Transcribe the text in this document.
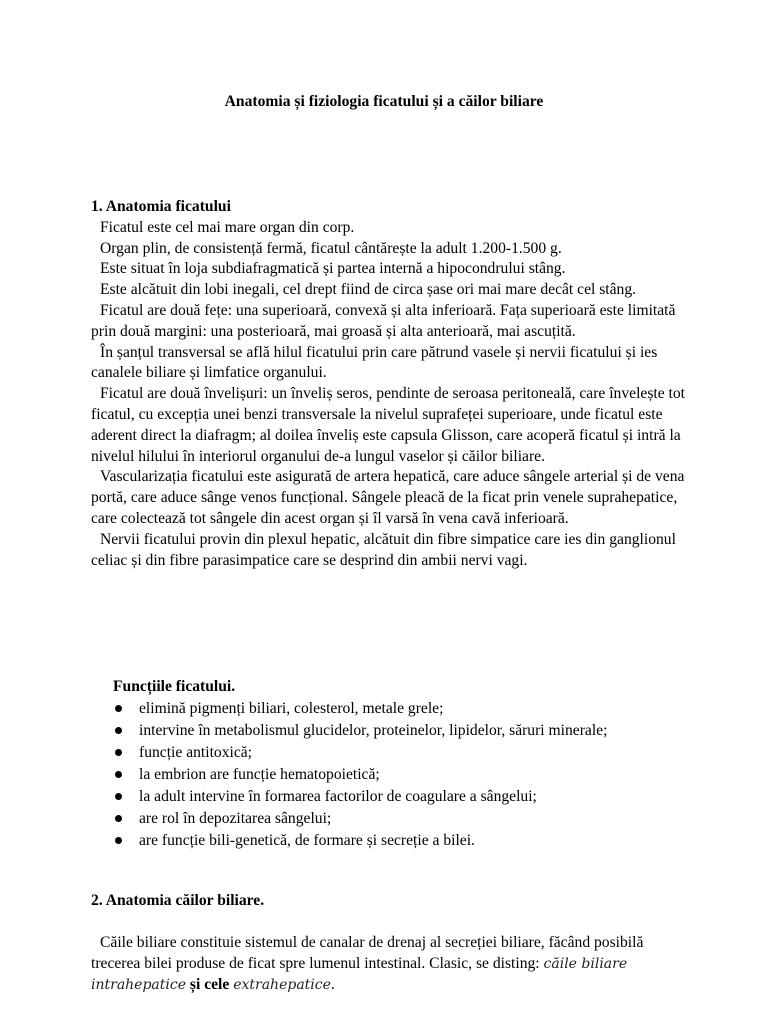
Anatomia și fiziologia ficatului și a căilor biliare
1. Anatomia ficatului
Ficatul este cel mai mare organ din corp.
Organ plin, de consistență fermă, ficatul cântărește la adult 1.200-1.500 g.
Este situat în loja subdiafragmatică și partea internă a hipocondrului stâng.
Este alcătuit din lobi inegali, cel drept fiind de circa șase ori mai mare decât cel stâng.
Ficatul are două fețe: una superioară, convexă și alta inferioară. Fața superioară este limitată prin două margini: una posterioară, mai groasă și alta anterioară, mai ascuțită.
În șanțul transversal se află hilul ficatului prin care pătrund vasele și nervii ficatului și ies canalele biliare și limfatice organului.
Ficatul are două învelișuri: un înveliș seros, pendinte de seroasa peritoneală, care învelește tot ficatul, cu excepția unei benzi transversale la nivelul suprafeței superioare, unde ficatul este aderent direct la diafragm; al doilea înveliș este capsula Glisson, care acoperă ficatul și intră la nivelul hilului în interiorul organului de-a lungul vaselor și căilor biliare.
Vascularizația ficatului este asigurată de artera hepatică, care aduce sângele arterial și de vena portă, care aduce sânge venos funcțional. Sângele pleacă de la ficat prin venele suprahepatice, care colectează tot sângele din acest organ și îl varsă în vena cavă inferioară.
Nervii ficatului provin din plexul hepatic, alcătuit din fibre simpatice care ies din ganglionul celiac și din fibre parasimpatice care se desprind din ambii nervi vagi.
Funcțiile ficatului.
elimină pigmenți biliari, colesterol, metale grele;
intervine în metabolismul glucidelor, proteinelor, lipidelor, săruri minerale;
funcție antitoxică;
la embrion are funcție hematopoietică;
la adult intervine în formarea factorilor de coagulare a sângelui;
are rol în depozitarea sângelui;
are funcție bili-genetică, de formare și secreție a bilei.
2. Anatomia căilor biliare.
Căile biliare constituie sistemul de canalar de drenaj al secreției biliare, făcând posibilă trecerea bilei produse de ficat spre lumenul intestinal. Clasic, se disting: căile biliare intrahepatice și cele extrahepatice.
